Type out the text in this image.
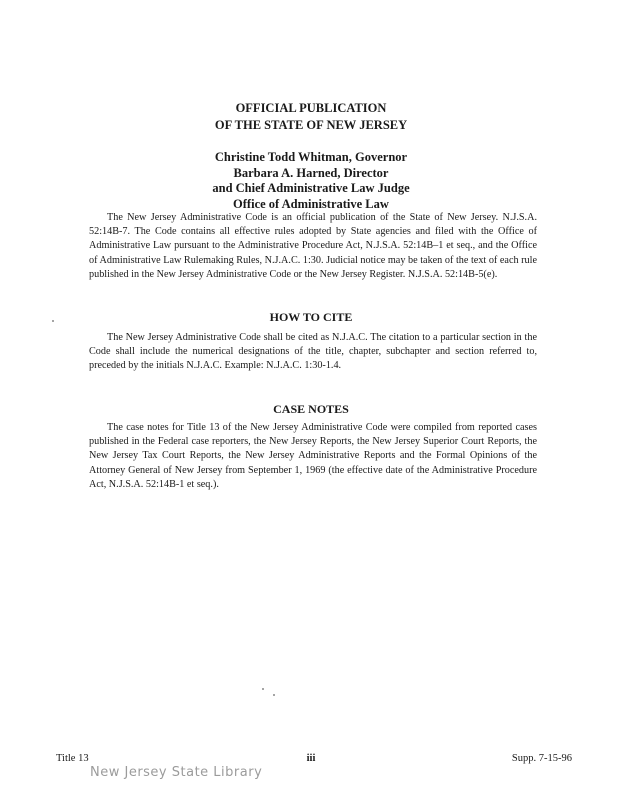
OFFICIAL PUBLICATION
OF THE STATE OF NEW JERSEY
Christine Todd Whitman, Governor
Barbara A. Harned, Director
and Chief Administrative Law Judge
Office of Administrative Law

The New Jersey Administrative Code is an official publication of the State of New Jersey. N.J.S.A. 52:14B-7. The Code contains all effective rules adopted by State agencies and filed with the Office of Administrative Law pursuant to the Administrative Procedure Act, N.J.S.A. 52:14B–1 et seq., and the Office of Administrative Law Rulemaking Rules, N.J.A.C. 1:30. Judicial notice may be taken of the text of each rule published in the New Jersey Administrative Code or the New Jersey Register. N.J.S.A. 52:14B-5(e).

HOW TO CITE

The New Jersey Administrative Code shall be cited as N.J.A.C. The citation to a particular section in the Code shall include the numerical designations of the title, chapter, subchapter and section referred to, preceded by the initials N.J.A.C. Example: N.J.A.C. 1:30-1.4.

CASE NOTES

The case notes for Title 13 of the New Jersey Administrative Code were compiled from reported cases published in the Federal case reporters, the New Jersey Reports, the New Jersey Superior Court Reports, the New Jersey Tax Court Reports, the New Jersey Administrative Reports and the Formal Opinions of the Attorney General of New Jersey from September 1, 1969 (the effective date of the Administrative Procedure Act, N.J.S.A. 52:14B-1 et seq.).

Title 13	iii	Supp. 7-15-96
New Jersey State Library
